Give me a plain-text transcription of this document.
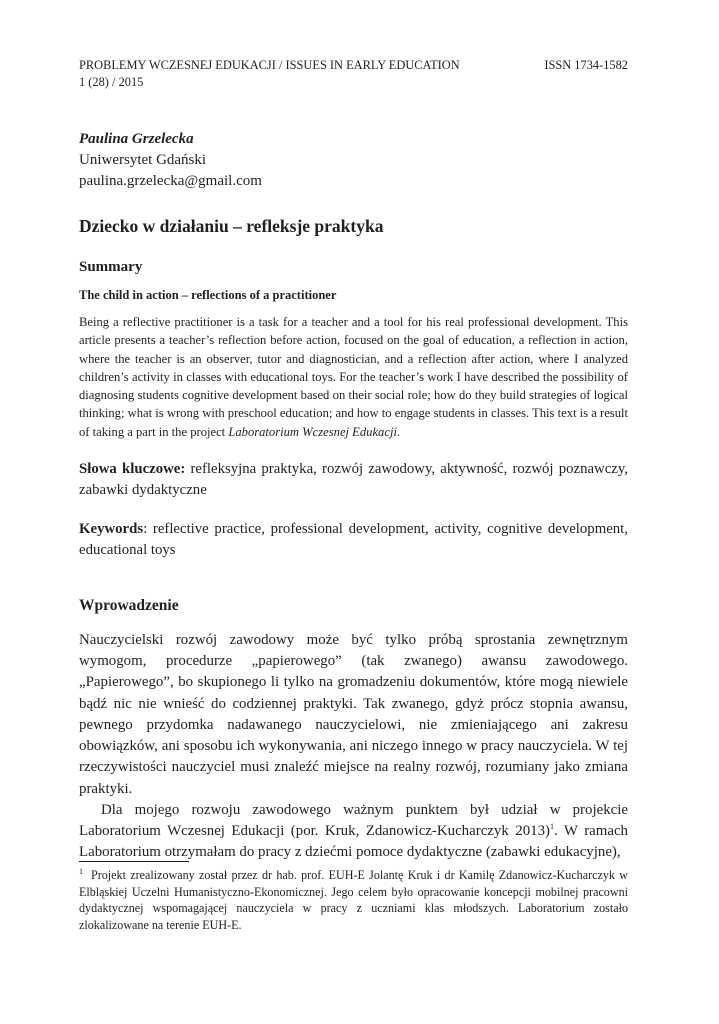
PROBLEMY WCZESNEJ EDUKACJI / ISSUES IN EARLY EDUCATION	ISSN 1734-1582
1 (28) / 2015
Paulina Grzelecka
Uniwersytet Gdański
paulina.grzelecka@gmail.com
Dziecko w działaniu – refleksje praktyka
Summary
The child in action – reflections of a practitioner
Being a reflective practitioner is a task for a teacher and a tool for his real professional development. This article presents a teacher’s reflection before action, focused on the goal of education, a reflection in action, where the teacher is an observer, tutor and diagnostician, and a reflection after action, where I analyzed children’s activity in classes with educational toys. For the teacher’s work I have described the possibility of diagnosing students cognitive development based on their social role; how do they build strategies of logical thinking; what is wrong with preschool education; and how to engage students in classes. This text is a result of taking a part in the project Laboratorium Wczesnej Edukacji.
Słowa kluczowe: refleksyjna praktyka, rozwój zawodowy, aktywność, rozwój poznawczy, zabawki dydaktyczne
Keywords: reflective practice, professional development, activity, cognitive development, educational toys
Wprowadzenie

Nauczycielski rozwój zawodowy może być tylko próbą sprostania zewnętrznym wymogom, procedurze „papierowego” (tak zwanego) awansu zawodowego. „Papierowego”, bo skupionego li tylko na gromadzeniu dokumentów, które mogą niewiele bądź nic nie wnieść do codziennej praktyki. Tak zwanego, gdyż prócz stopnia awansu, pewnego przydomka nadawanego nauczycielowi, nie zmieniającego ani zakresu obowiązków, ani sposobu ich wykonywania, ani niczego innego w pracy nauczyciela. W tej rzeczywistości nauczyciel musi znaleźć miejsce na realny rozwój, rozumiany jako zmiana praktyki.

Dla mojego rozwoju zawodowego ważnym punktem był udział w projekcie Laboratorium Wczesnej Edukacji (por. Kruk, Zdanowicz-Kucharczyk 2013)$^1$. W ramach Laboratorium otrzymałam do pracy z dziećmi pomoce dydaktyczne (zabawki edukacyjne),

$^1$ Projekt zrealizowany został przez dr hab. prof. EUH-E Jolantę Kruk i dr Kamilę Zdanowicz-Kucharczyk w Elbląskiej Uczelni Humanistyczno-Ekonomicznej. Jego celem było opracowanie koncepcji mobilnej pracowni dydaktycznej wspomagającej nauczyciela w pracy z uczniami klas młodszych. Laboratorium zostało zlokalizowane na terenie EUH-E.
